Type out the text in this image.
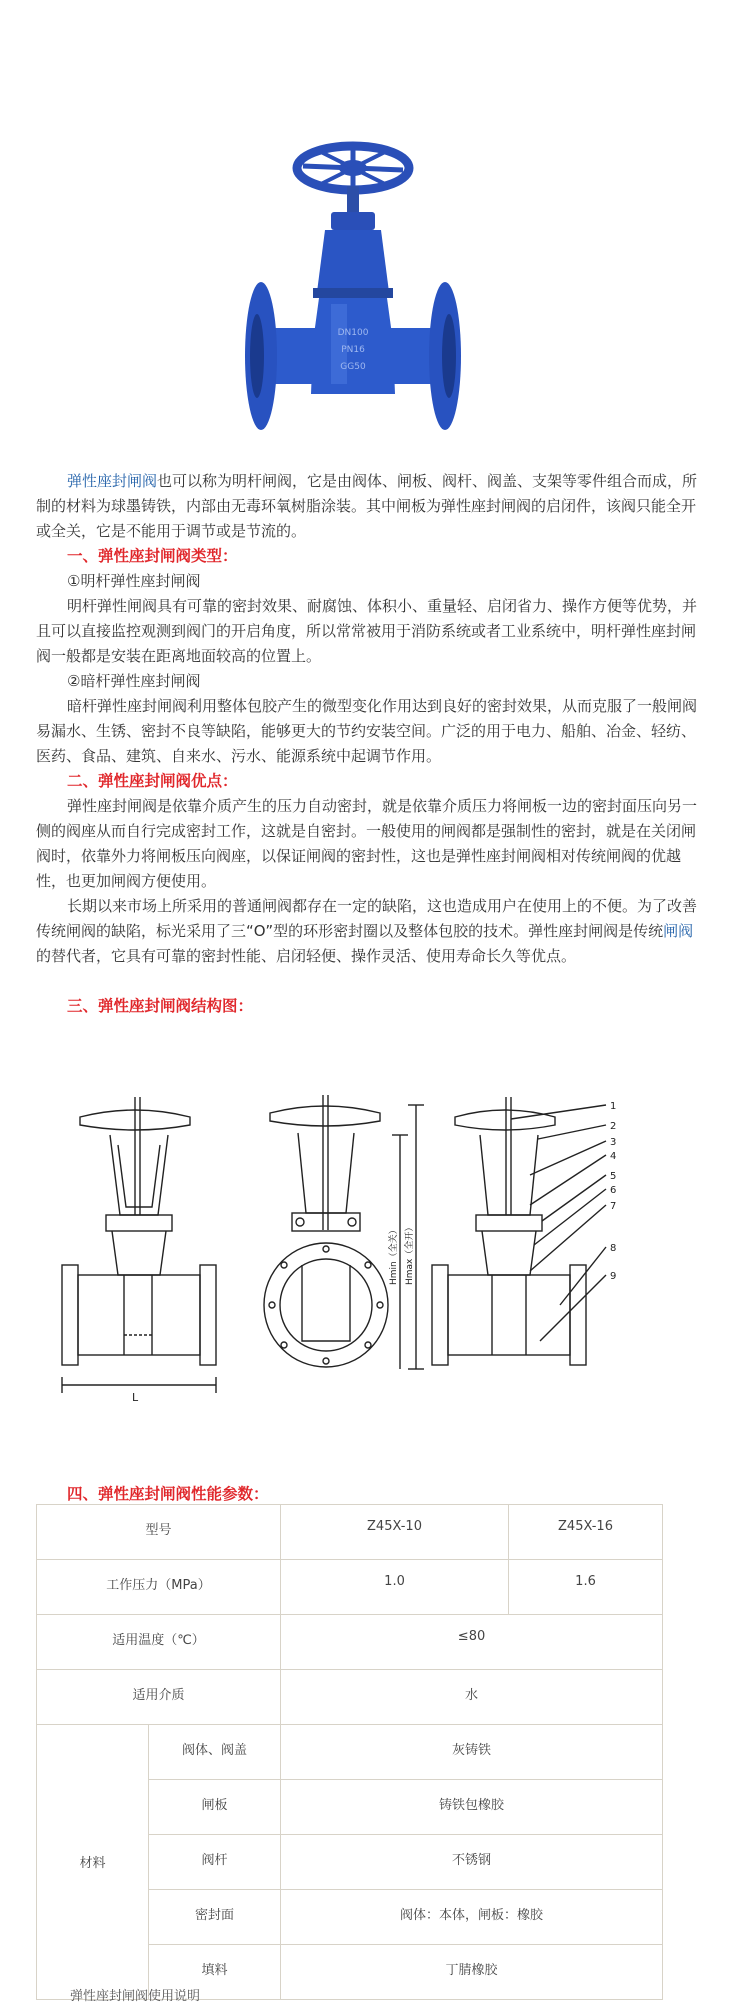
DN100
PN16
GG50

弹性座封闸阀也可以称为明杆闸阀，它是由阀体、闸板、阀杆、阀盖、支架等零件组合而成，所制的材料为球墨铸铁，内部由无毒环氧树脂涂装。其中闸板为弹性座封闸阀的启闭件，该阀只能全开或全关，它是不能用于调节或是节流的。

一、弹性座封闸阀类型：

①明杆弹性座封闸阀

明杆弹性闸阀具有可靠的密封效果、耐腐蚀、体积小、重量轻、启闭省力、操作方便等优势，并且可以直接监控观测到阀门的开启角度，所以常常被用于消防系统或者工业系统中，明杆弹性座封闸阀一般都是安装在距离地面较高的位置上。

②暗杆弹性座封闸阀

暗杆弹性座封闸阀利用整体包胶产生的微型变化作用达到良好的密封效果，从而克服了一般闸阀易漏水、生锈、密封不良等缺陷，能够更大的节约安装空间。广泛的用于电力、船舶、冶金、轻纺、医药、食品、建筑、自来水、污水、能源系统中起调节作用。

二、弹性座封闸阀优点：

弹性座封闸阀是依靠介质产生的压力自动密封，就是依靠介质压力将闸板一边的密封面压向另一侧的阀座从而自行完成密封工作，这就是自密封。一般使用的闸阀都是强制性的密封，就是在关闭闸阀时，依靠外力将闸板压向阀座，以保证闸阀的密封性，这也是弹性座封闸阀相对传统闸阀的优越性，也更加闸阀方便使用。

长期以来市场上所采用的普通闸阀都存在一定的缺陷，这也造成用户在使用上的不便。为了改善传统闸阀的缺陷，标光采用了三“O”型的环形密封圈以及整体包胶的技术。弹性座封闸阀是传统闸阀的替代者，它具有可靠的密封性能、启闭轻便、操作灵活、使用寿命长久等优点。

三、弹性座封闸阀结构图：

L
Hmin（全关） Hmax（全开）
1
2
3
4
5
6
7
8
9
四、弹性座封闸阀性能参数：
型号		Z45X-10	Z45X-16
工作压力（MPa）		1.0	1.6
适用温度（℃）		≤80	
适用介质		水	
材料	阀体、阀盖	灰铸铁	
	闸板	铸铁包橡胶	
	阀杆	不锈钢	
	密封面	阀体：本体，闸板：橡胶	
	填料	丁腈橡胶	
弹性座封闸阀使用说明
